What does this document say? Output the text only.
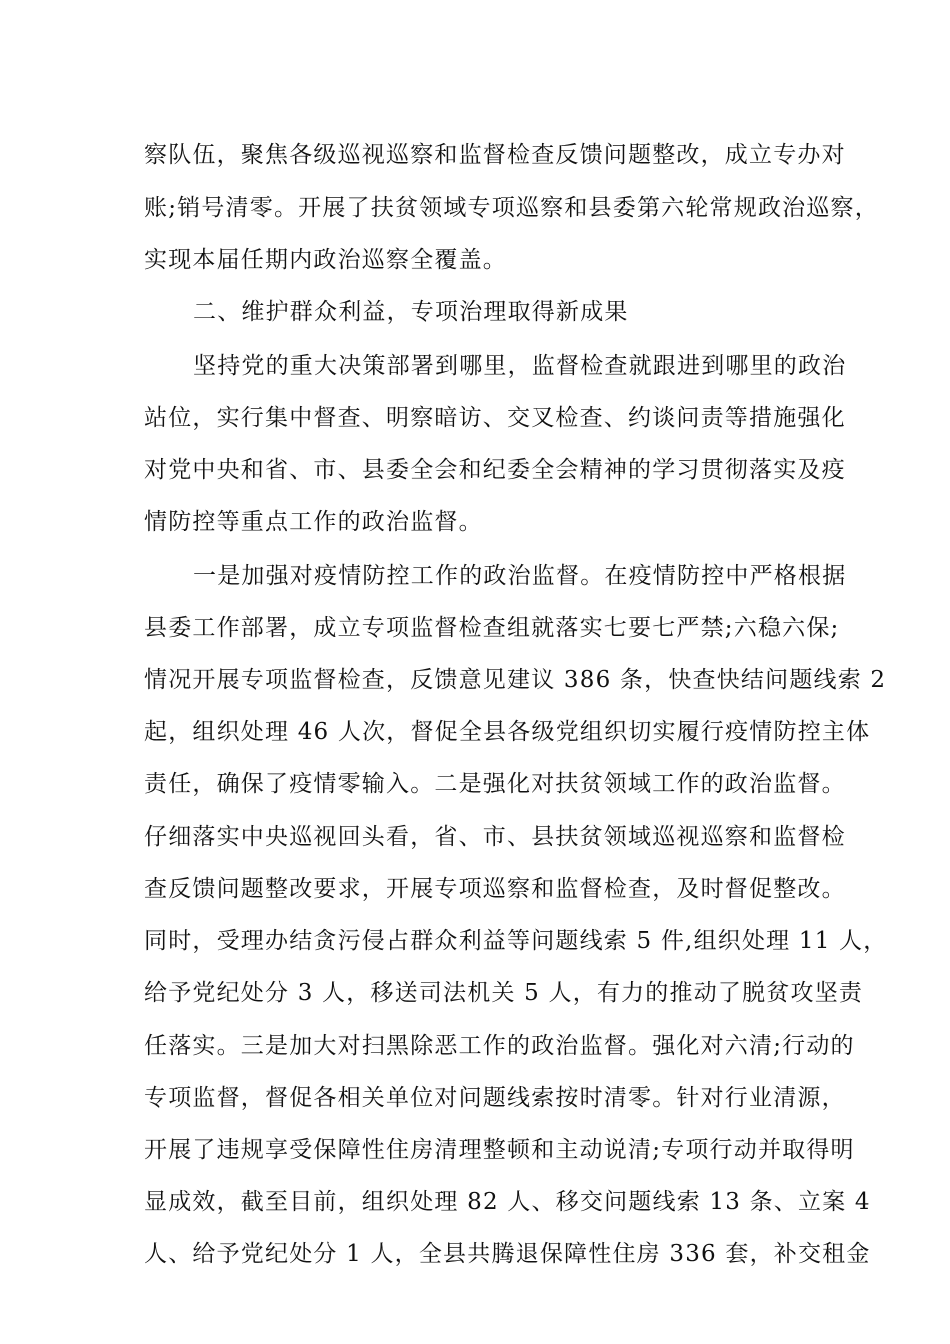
察队伍，聚焦各级巡视巡察和监督检查反馈问题整改，成立专办对
账;销号清零。开展了扶贫领域专项巡察和县委第六轮常规政治巡察，
实现本届任期内政治巡察全覆盖。
二、维护群众利益，专项治理取得新成果
坚持党的重大决策部署到哪里，监督检查就跟进到哪里的政治
站位，实行集中督查、明察暗访、交叉检查、约谈问责等措施强化
对党中央和省、市、县委全会和纪委全会精神的学习贯彻落实及疫
情防控等重点工作的政治监督。
一是加强对疫情防控工作的政治监督。在疫情防控中严格根据
县委工作部署，成立专项监督检查组就落实七要七严禁;六稳六保;
情况开展专项监督检查，反馈意见建议 386 条，快查快结问题线索 2
起，组织处理 46 人次，督促全县各级党组织切实履行疫情防控主体
责任，确保了疫情零输入。二是强化对扶贫领域工作的政治监督。
仔细落实中央巡视回头看，省、市、县扶贫领域巡视巡察和监督检
查反馈问题整改要求，开展专项巡察和监督检查，及时督促整改。
同时，受理办结贪污侵占群众利益等问题线索 5 件,组织处理 11 人，
给予党纪处分 3 人，移送司法机关 5 人，有力的推动了脱贫攻坚责
任落实。三是加大对扫黑除恶工作的政治监督。强化对六清;行动的
专项监督，督促各相关单位对问题线索按时清零。针对行业清源，
开展了违规享受保障性住房清理整顿和主动说清;专项行动并取得明
显成效，截至目前，组织处理 82 人、移交问题线索 13 条、立案 4
人、给予党纪处分 1 人，全县共腾退保障性住房 336 套，补交租金
